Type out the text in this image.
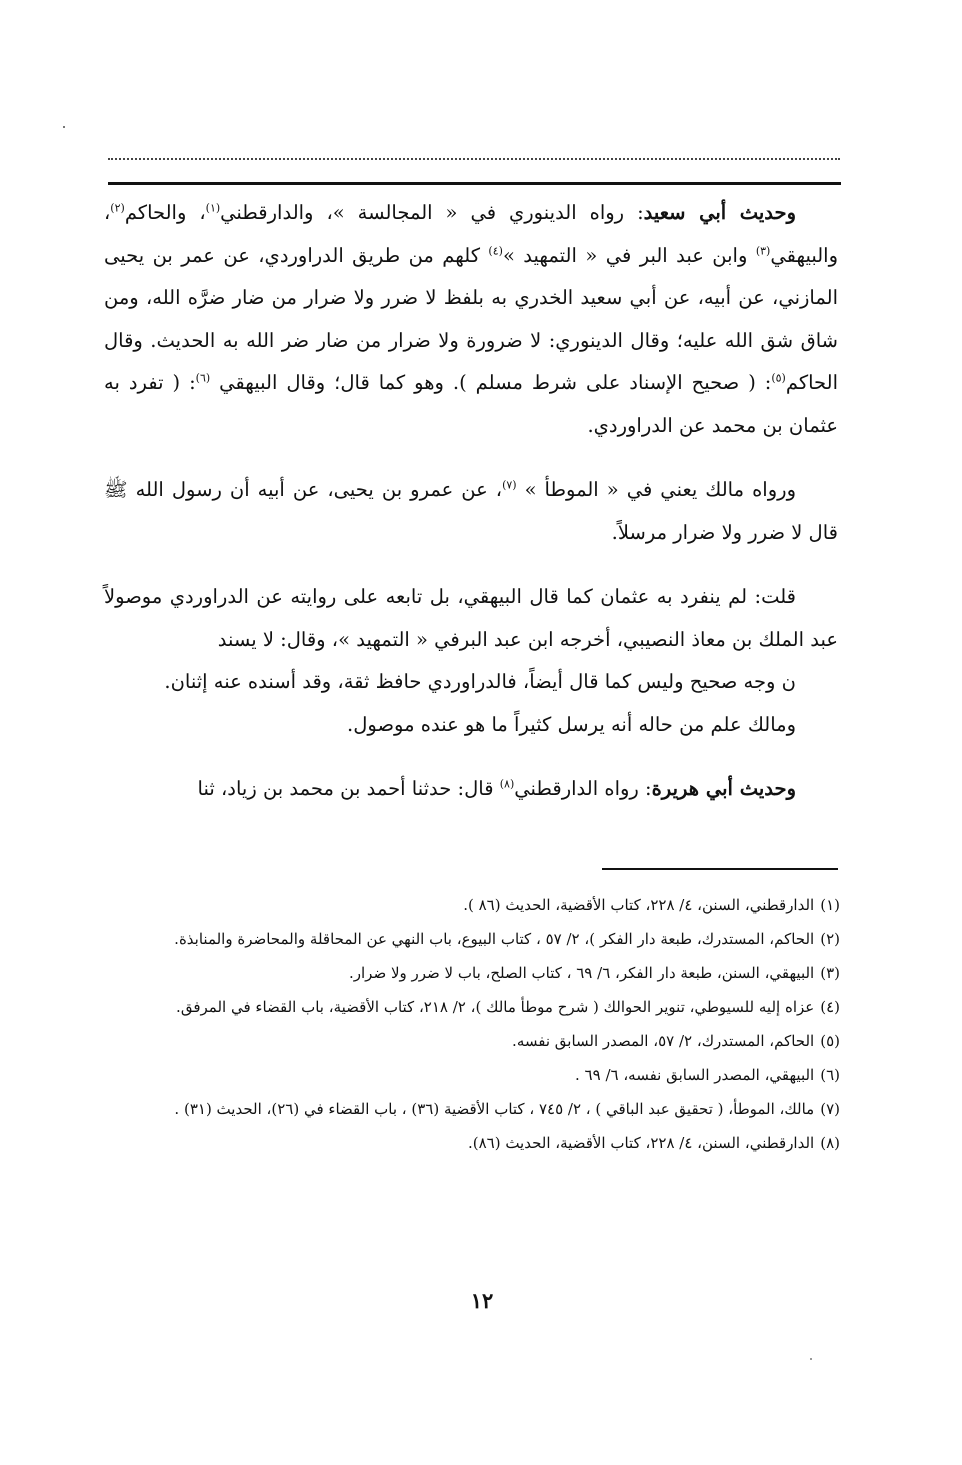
وحديث أبي سعيد: رواه الدينوري في « المجالسة »، والدارقطني$^{(١)}$، والحاكم$^{(٢)}$، والبيهقي$^{(٣)}$ وابن عبد البر في « التمهيد »$^{(٤)}$ كلهم من طريق الدراوردي، عن عمر بن يحيى المازني، عن أبيه، عن أبي سعيد الخدري به بلفظ لا ضرر ولا ضرار من ضار ضرَّه الله، ومن شاق شق الله عليه؛ وقال الدينوري: لا ضرورة ولا ضرار من ضار ضر الله به الحديث. وقال الحاكم$^{(٥)}$: ( صحيح الإسناد على شرط مسلم ). وهو كما قال؛ وقال البيهقي $^{(٦)}$: ( تفرد به عثمان بن محمد عن الدراوردي.

ورواه مالك يعني في « الموطأ » $^{(٧)}$، عن عمرو بن يحيى، عن أبيه أن رسول الله ﷺ قال لا ضرر ولا ضرار مرسلاً.

قلت: لم ينفرد به عثمان كما قال البيهقي، بل تابعه على روايته عن الدراوردي موصولاً عبد الملك بن معاذ النصيبي، أخرجه ابن عبد البرفي « التمهيد »، وقال: لا يسند

ن وجه صحيح وليس كما قال أيضاً، فالدراوردي حافظ ثقة، وقد أسنده عنه إثنان.

ومالك علم من حاله أنه يرسل كثيراً ما هو عنده موصول.

وحديث أبي هريرة: رواه الدارقطني$^{(٨)}$ قال: حدثنا أحمد بن محمد بن زياد، ثنا

(١)
الدارقطني، السنن، ٤/ ٢٢٨، كتاب الأقضية، الحديث (٨٦ ).
(٢)
الحاكم، المستدرك، طبعة دار الفكر )، ٢/ ٥٧ ، كتاب البيوع، باب النهي عن المحاقلة والمحاضرة والمنابذة.
(٣)
البيهقي، السنن، طبعة دار الفكر، ٦/ ٦٩ ، كتاب الصلح، باب لا ضرر ولا ضرار.
(٤)
عزاه إليه للسيوطي، تنوير الحوالك ( شرح موطأ مالك )، ٢/ ٢١٨، كتاب الأقضية، باب القضاء في المرفق.
(٥)
الحاكم، المستدرك، ٢/ ٥٧، المصدر السابق نفسه.
(٦)
البيهقي، المصدر السابق نفسه، ٦/ ٦٩ .
(٧)
مالك، الموطأ، ( تحقيق عبد الباقي ) ، ٢/ ٧٤٥ ، كتاب الأقضية (٣٦) ، باب القضاء في (٢٦)، الحديث (٣١) .
(٨)
الدارقطني، السنن، ٤/ ٢٢٨، كتاب الأقضية، الحديث (٨٦).
١٢
